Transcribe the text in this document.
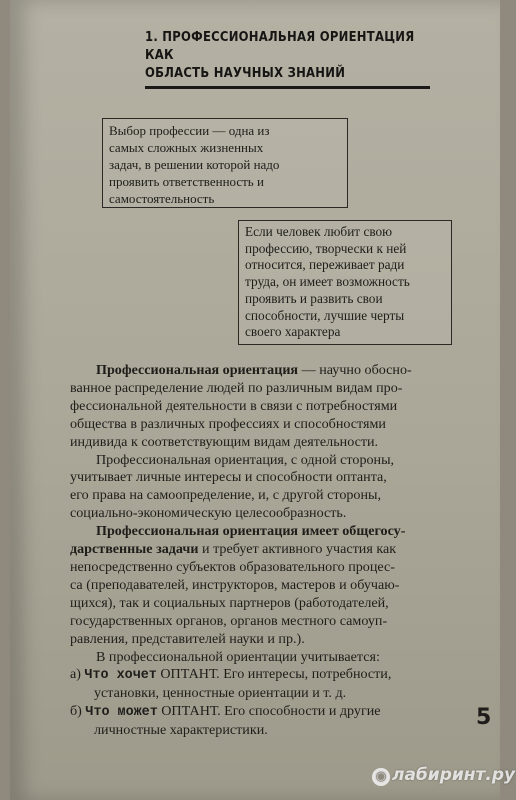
1. ПРОФЕССИОНАЛЬНАЯ ОРИЕНТАЦИЯ КАК
ОБЛАСТЬ НАУЧНЫХ ЗНАНИЙ
Выбор профессии — одна из
самых сложных жизненных
задач, в решении которой надо
проявить ответственность и
самостоятельность
Если человек любит свою
профессию, творчески к ней
относится, переживает ради
труда, он имеет возможность
проявить и развить свои
способности, лучшие черты
своего характера

Профессиональная ориентация — научно обосно-
ванное распределение людей по различным видам про-
фессиональной деятельности в связи с потребностями
общества в различных профессиях и способностями
индивида к соответствующим видам деятельности.

Профессиональная ориентация, с одной стороны,
учитывает личные интересы и способности оптанта,
его права на самоопределение, и, с другой стороны,
социально-экономическую целесообразность.

Профессиональная ориентация имеет общегосу-
дарственные задачи и требует активного участия как
непосредственно субъектов образовательного процес-
са (преподавателей, инструкторов, мастеров и обучаю-
щихся), так и социальных партнеров (работодателей,
государственных органов, органов местного самоуп-
равления, представителей науки и пр.).

В профессиональной ориентации учитывается:

а) Что хочет ОПТАНТ. Его интересы, потребности,
установки, ценностные ориентации и т. д.
б) Что может ОПТАНТ. Его способности и другие
личностные характеристики.
5
◉ лабиринт.ру
